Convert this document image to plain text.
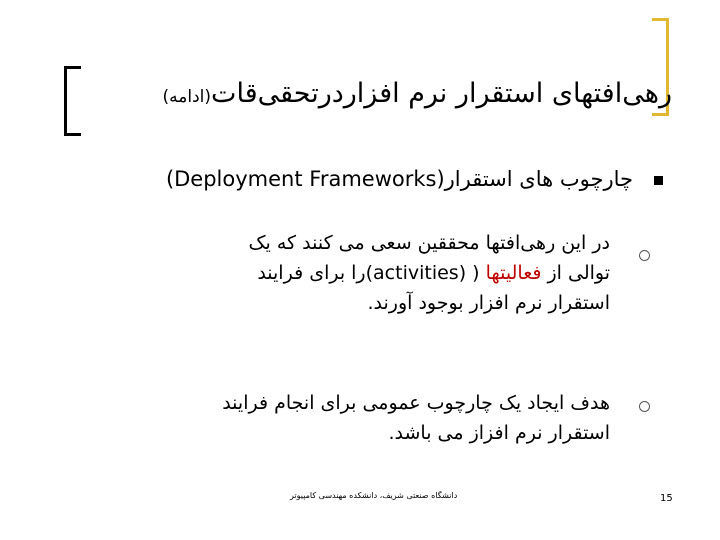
رهی‌افتهای استقرار نرم افزاردرتحقی‌قات(ادامه)
چارچوب های استقرار(Deployment Frameworks)
در این رهی‌افتها محققین سعی می کنند که یک
توالی از فعالیتها ( (activities)را برای فرایند
استقرار نرم افزار بوجود آورند.
هدف ایجاد یک چارچوب عمومی برای انجام فرایند
استقرار نرم افزاز می باشد.
دانشگاه صنعتی شریف، دانشکده مهندسی کامپیوتر	15
